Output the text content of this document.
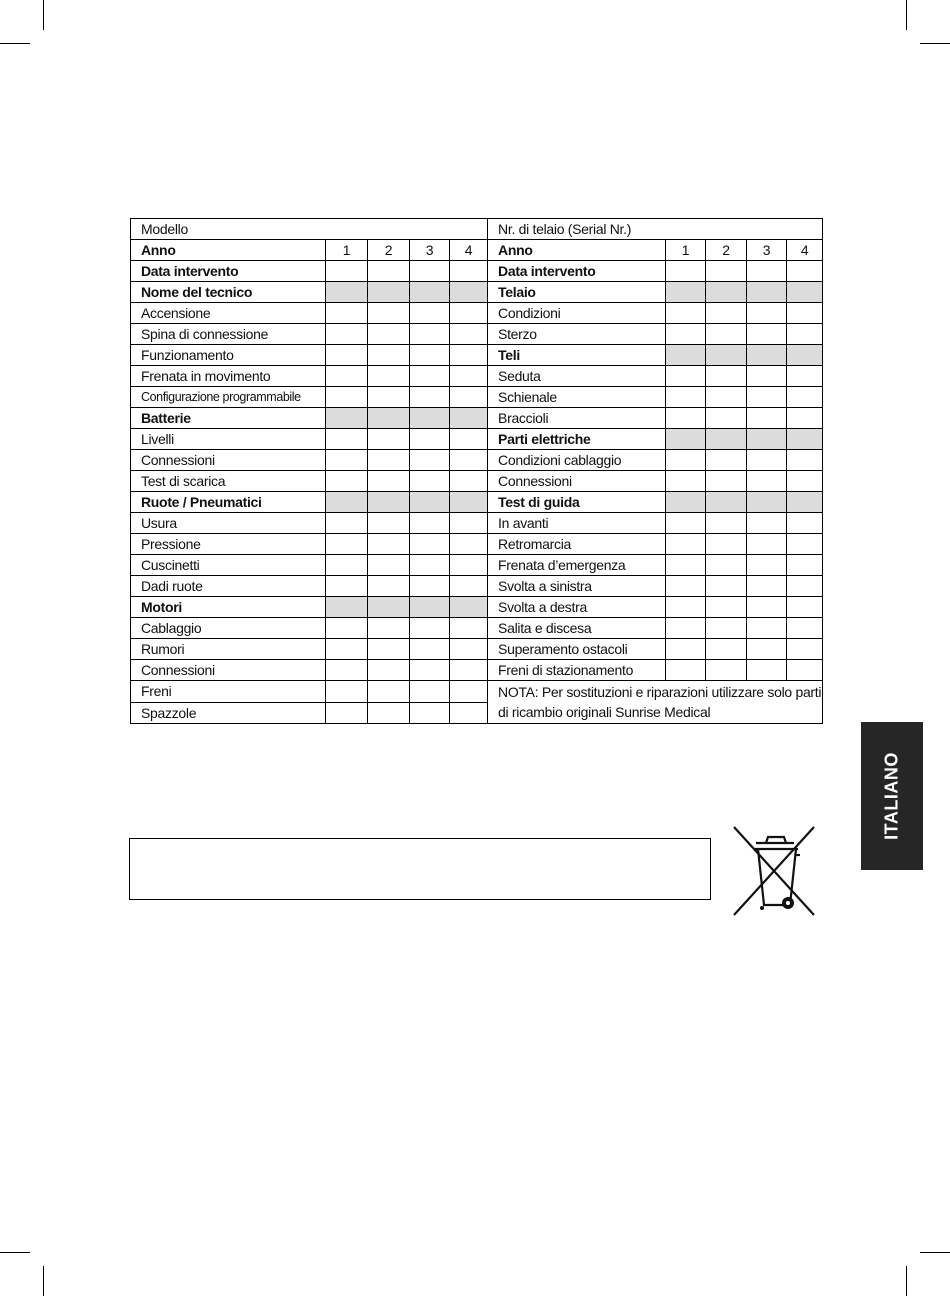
Modello					Nr. di telaio (Serial Nr.)				
Anno	1	2	3	4	Anno	1	2	3	4
Data intervento					Data intervento				
Nome del tecnico					Telaio				
Accensione					Condizioni				
Spina di connessione					Sterzo				
Funzionamento					Teli				
Frenata in movimento					Seduta				
Configurazione programmabile					Schienale				
Batterie					Braccioli				
Livelli					Parti elettriche				
Connessioni					Condizioni cablaggio				
Test di scarica					Connessioni				
Ruote / Pneumatici					Test di guida				
Usura					In avanti				
Pressione					Retromarcia				
Cuscinetti					Frenata d’emergenza				
Dadi ruote					Svolta a sinistra				
Motori					Svolta a destra				
Cablaggio					Salita e discesa				
Rumori					Superamento ostacoli				
Connessioni					Freni di stazionamento				
Freni					NOTA: Per sostituzioni e riparazioni utilizzare solo parti di ricambio originali Sunrise Medical				
Spazzole									
ITALIANO
